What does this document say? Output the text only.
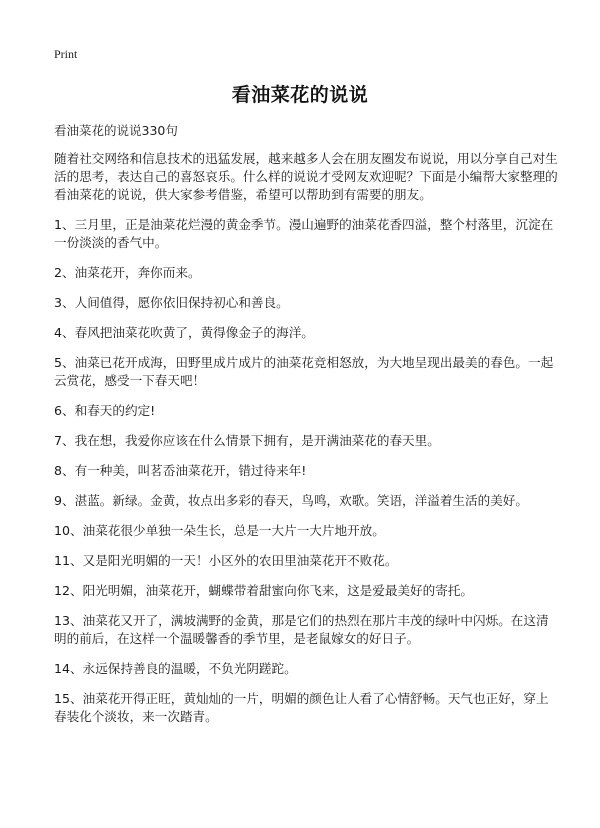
Print
看油菜花的说说
看油菜花的说说330句

随着社交网络和信息技术的迅猛发展，越来越多人会在朋友圈发布说说，用以分享自己对生活的思考，表达自己的喜怒哀乐。什么样的说说才受网友欢迎呢？下面是小编帮大家整理的看油菜花的说说，供大家参考借鉴，希望可以帮助到有需要的朋友。

1、三月里，正是油菜花烂漫的黄金季节。漫山遍野的油菜花香四溢，整个村落里，沉淀在一份淡淡的香气中。

2、油菜花开，奔你而来。

3、人间值得，愿你依旧保持初心和善良。

4、春风把油菜花吹黄了，黄得像金子的海洋。

5、油菜已花开成海，田野里成片成片的油菜花竞相怒放，为大地呈现出最美的春色。一起云赏花，感受一下春天吧！

6、和春天的约定!

7、我在想，我爱你应该在什么情景下拥有，是开满油菜花的春天里。

8、有一种美，叫茗岙油菜花开，错过待来年!

9、湛蓝。新绿。金黄，妆点出多彩的春天，鸟鸣，欢歌。笑语，洋溢着生活的美好。

10、油菜花很少单独一朵生长，总是一大片一大片地开放。

11、又是阳光明媚的一天！小区外的农田里油菜花开不败花。

12、阳光明媚，油菜花开，蝴蝶带着甜蜜向你飞来，这是爱最美好的寄托。

13、油菜花又开了，满坡满野的金黄，那是它们的热烈在那片丰茂的绿叶中闪烁。在这清明的前后，在这样一个温暖馨香的季节里，是老鼠嫁女的好日子。

14、永远保持善良的温暖，不负光阴蹉跎。

15、油菜花开得正旺，黄灿灿的一片，明媚的颜色让人看了心情舒畅。天气也正好，穿上春装化个淡妆，来一次踏青。
